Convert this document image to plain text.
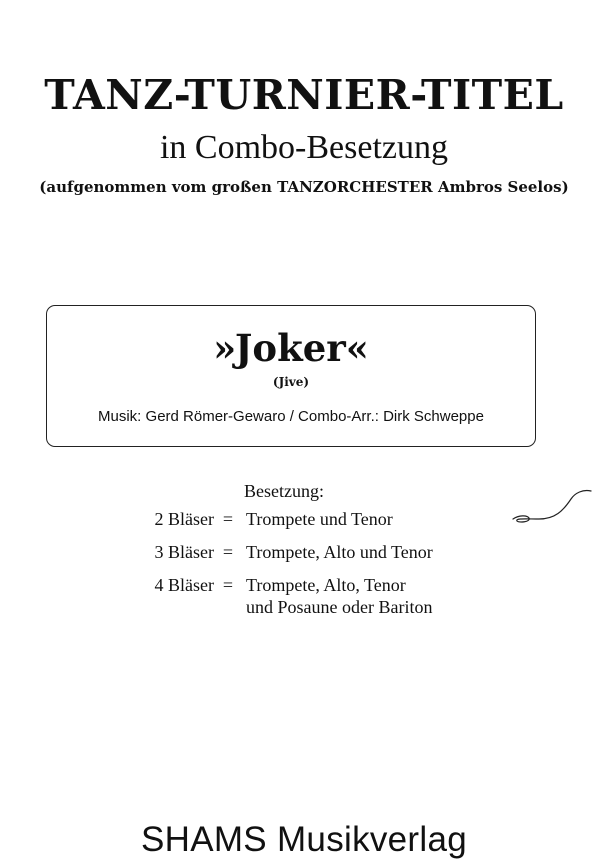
TANZ-TURNIER-TITEL
in Combo-Besetzung
(aufgenommen vom großen TANZORCHESTER Ambros Seelos)
»Joker«
(Jive)
Musik: Gerd Römer-Gewaro / Combo-Arr.: Dirk Schweppe
Besetzung:
2 Bläser = Trompete und Tenor
3 Bläser = Trompete, Alto und Tenor
4 Bläser = Trompete, Alto, Tenor
und Posaune oder Bariton
SHAMS Musikverlag
